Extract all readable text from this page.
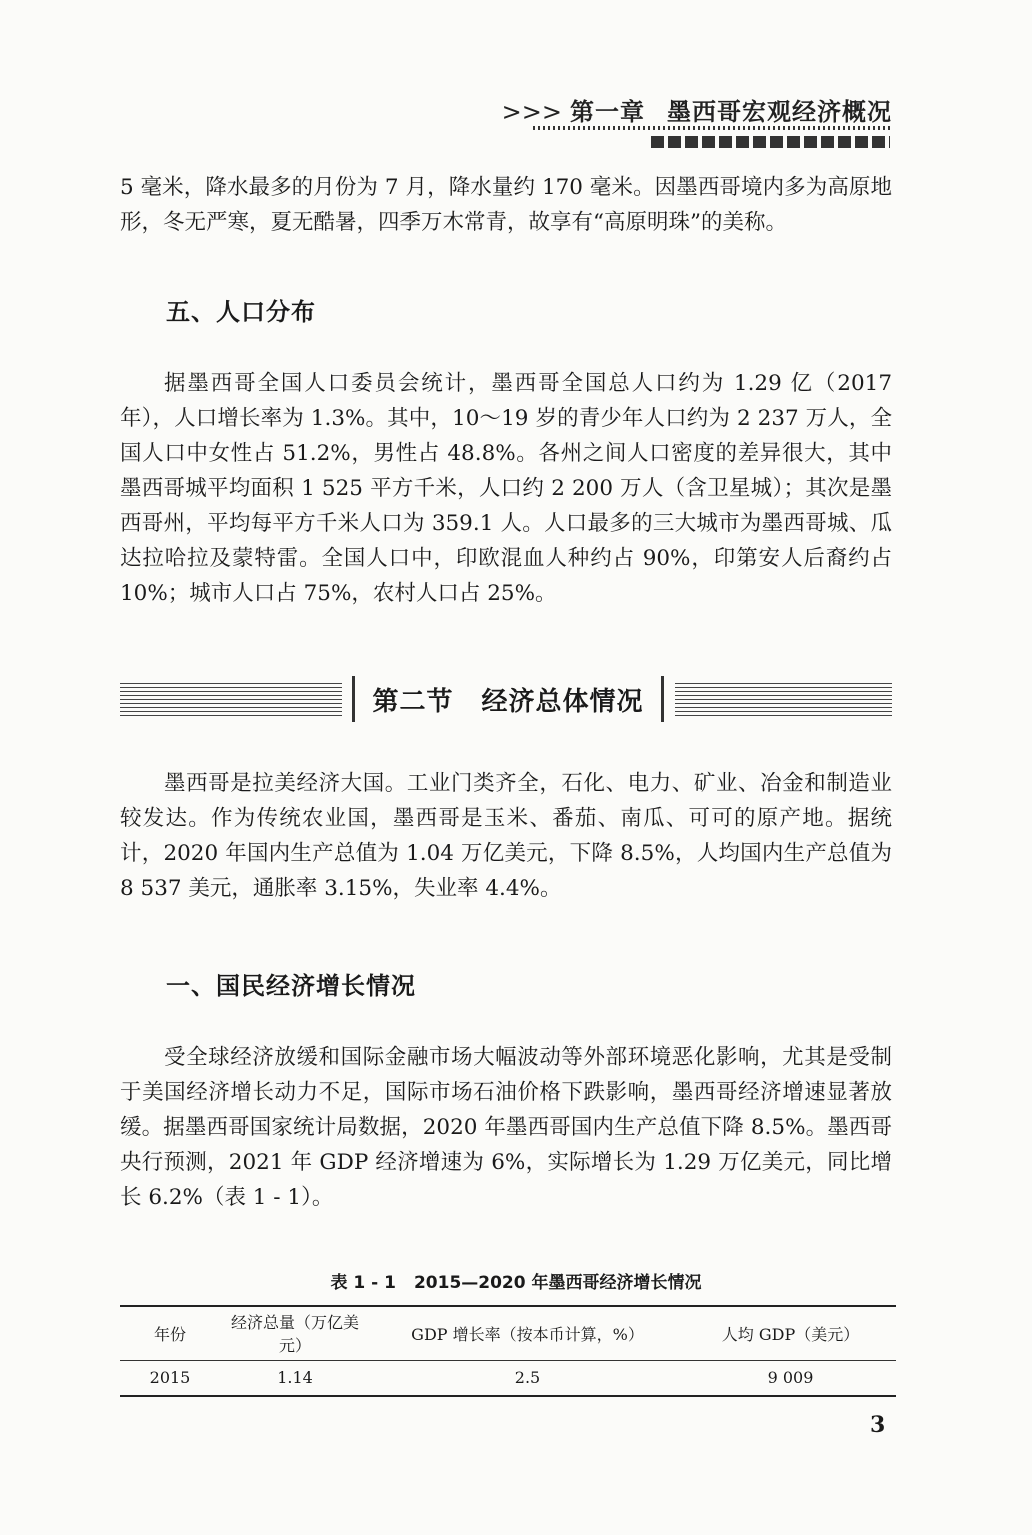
>>> 第一章 墨西哥宏观经济概况

5 毫米，降水最多的月份为 7 月，降水量约 170 毫米。因墨西哥境内多为高原地形，冬无严寒，夏无酷暑，四季万木常青，故享有“高原明珠”的美称。

五、人口分布

据墨西哥全国人口委员会统计，墨西哥全国总人口约为 1.29 亿（2017 年），人口增长率为 1.3%。其中，10～19 岁的青少年人口约为 2 237 万人，全国人口中女性占 51.2%，男性占 48.8%。各州之间人口密度的差异很大，其中墨西哥城平均面积 1 525 平方千米，人口约 2 200 万人（含卫星城）；其次是墨西哥州，平均每平方千米人口为 359.1 人。人口最多的三大城市为墨西哥城、瓜达拉哈拉及蒙特雷。全国人口中，印欧混血人种约占 90%，印第安人后裔约占 10%；城市人口占 75%，农村人口占 25%。

第二节 经济总体情况

墨西哥是拉美经济大国。工业门类齐全，石化、电力、矿业、冶金和制造业较发达。作为传统农业国，墨西哥是玉米、番茄、南瓜、可可的原产地。据统计，2020 年国内生产总值为 1.04 万亿美元，下降 8.5%，人均国内生产总值为 8 537 美元，通胀率 3.15%，失业率 4.4%。

一、国民经济增长情况

受全球经济放缓和国际金融市场大幅波动等外部环境恶化影响，尤其是受制于美国经济增长动力不足，国际市场石油价格下跌影响，墨西哥经济增速显著放缓。据墨西哥国家统计局数据，2020 年墨西哥国内生产总值下降 8.5%。墨西哥央行预测，2021 年 GDP 经济增速为 6%，实际增长为 1.29 万亿美元，同比增长 6.2%（表 1 - 1）。

表 1 - 1 2015—2020 年墨西哥经济增长情况
年份	经济总量（万亿美元）	GDP 增长率（按本币计算，%）	人均 GDP（美元）
2015	1.14	2.5	9 009
3
